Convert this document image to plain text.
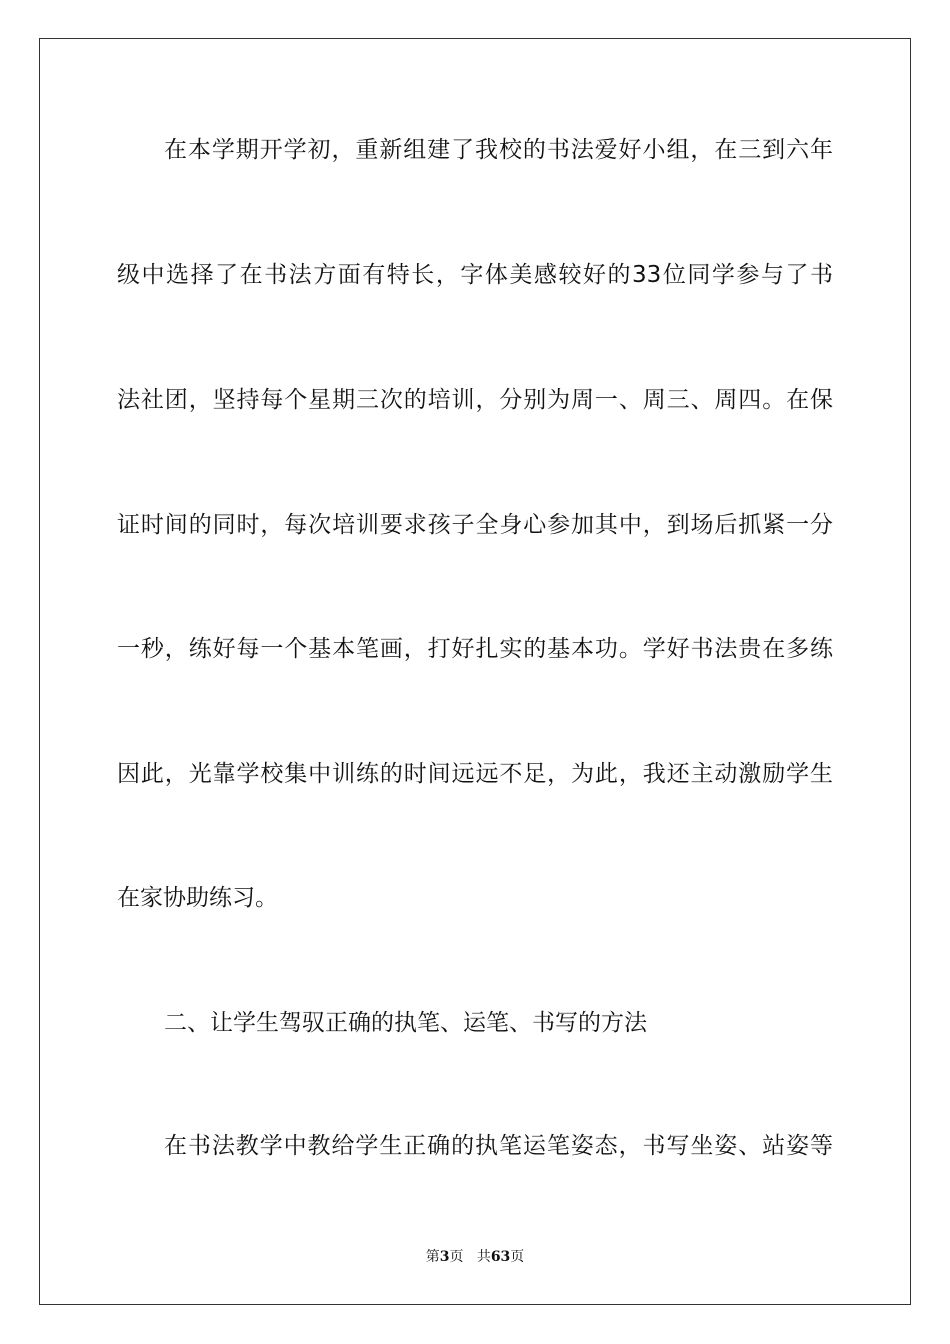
在本学期开学初，重新组建了我校的书法爱好小组，在三到六年
级中选择了在书法方面有特长，字体美感较好的33位同学参与了书
法社团，坚持每个星期三次的培训，分别为周一、周三、周四。在保
证时间的同时，每次培训要求孩子全身心参加其中，到场后抓紧一分
一秒，练好每一个基本笔画，打好扎实的基本功。学好书法贵在多练
因此，光靠学校集中训练的时间远远不足，为此，我还主动激励学生
在家协助练习。
二、让学生驾驭正确的执笔、运笔、书写的方法
在书法教学中教给学生正确的执笔运笔姿态，书写坐姿、站姿等
第3页 共63页
